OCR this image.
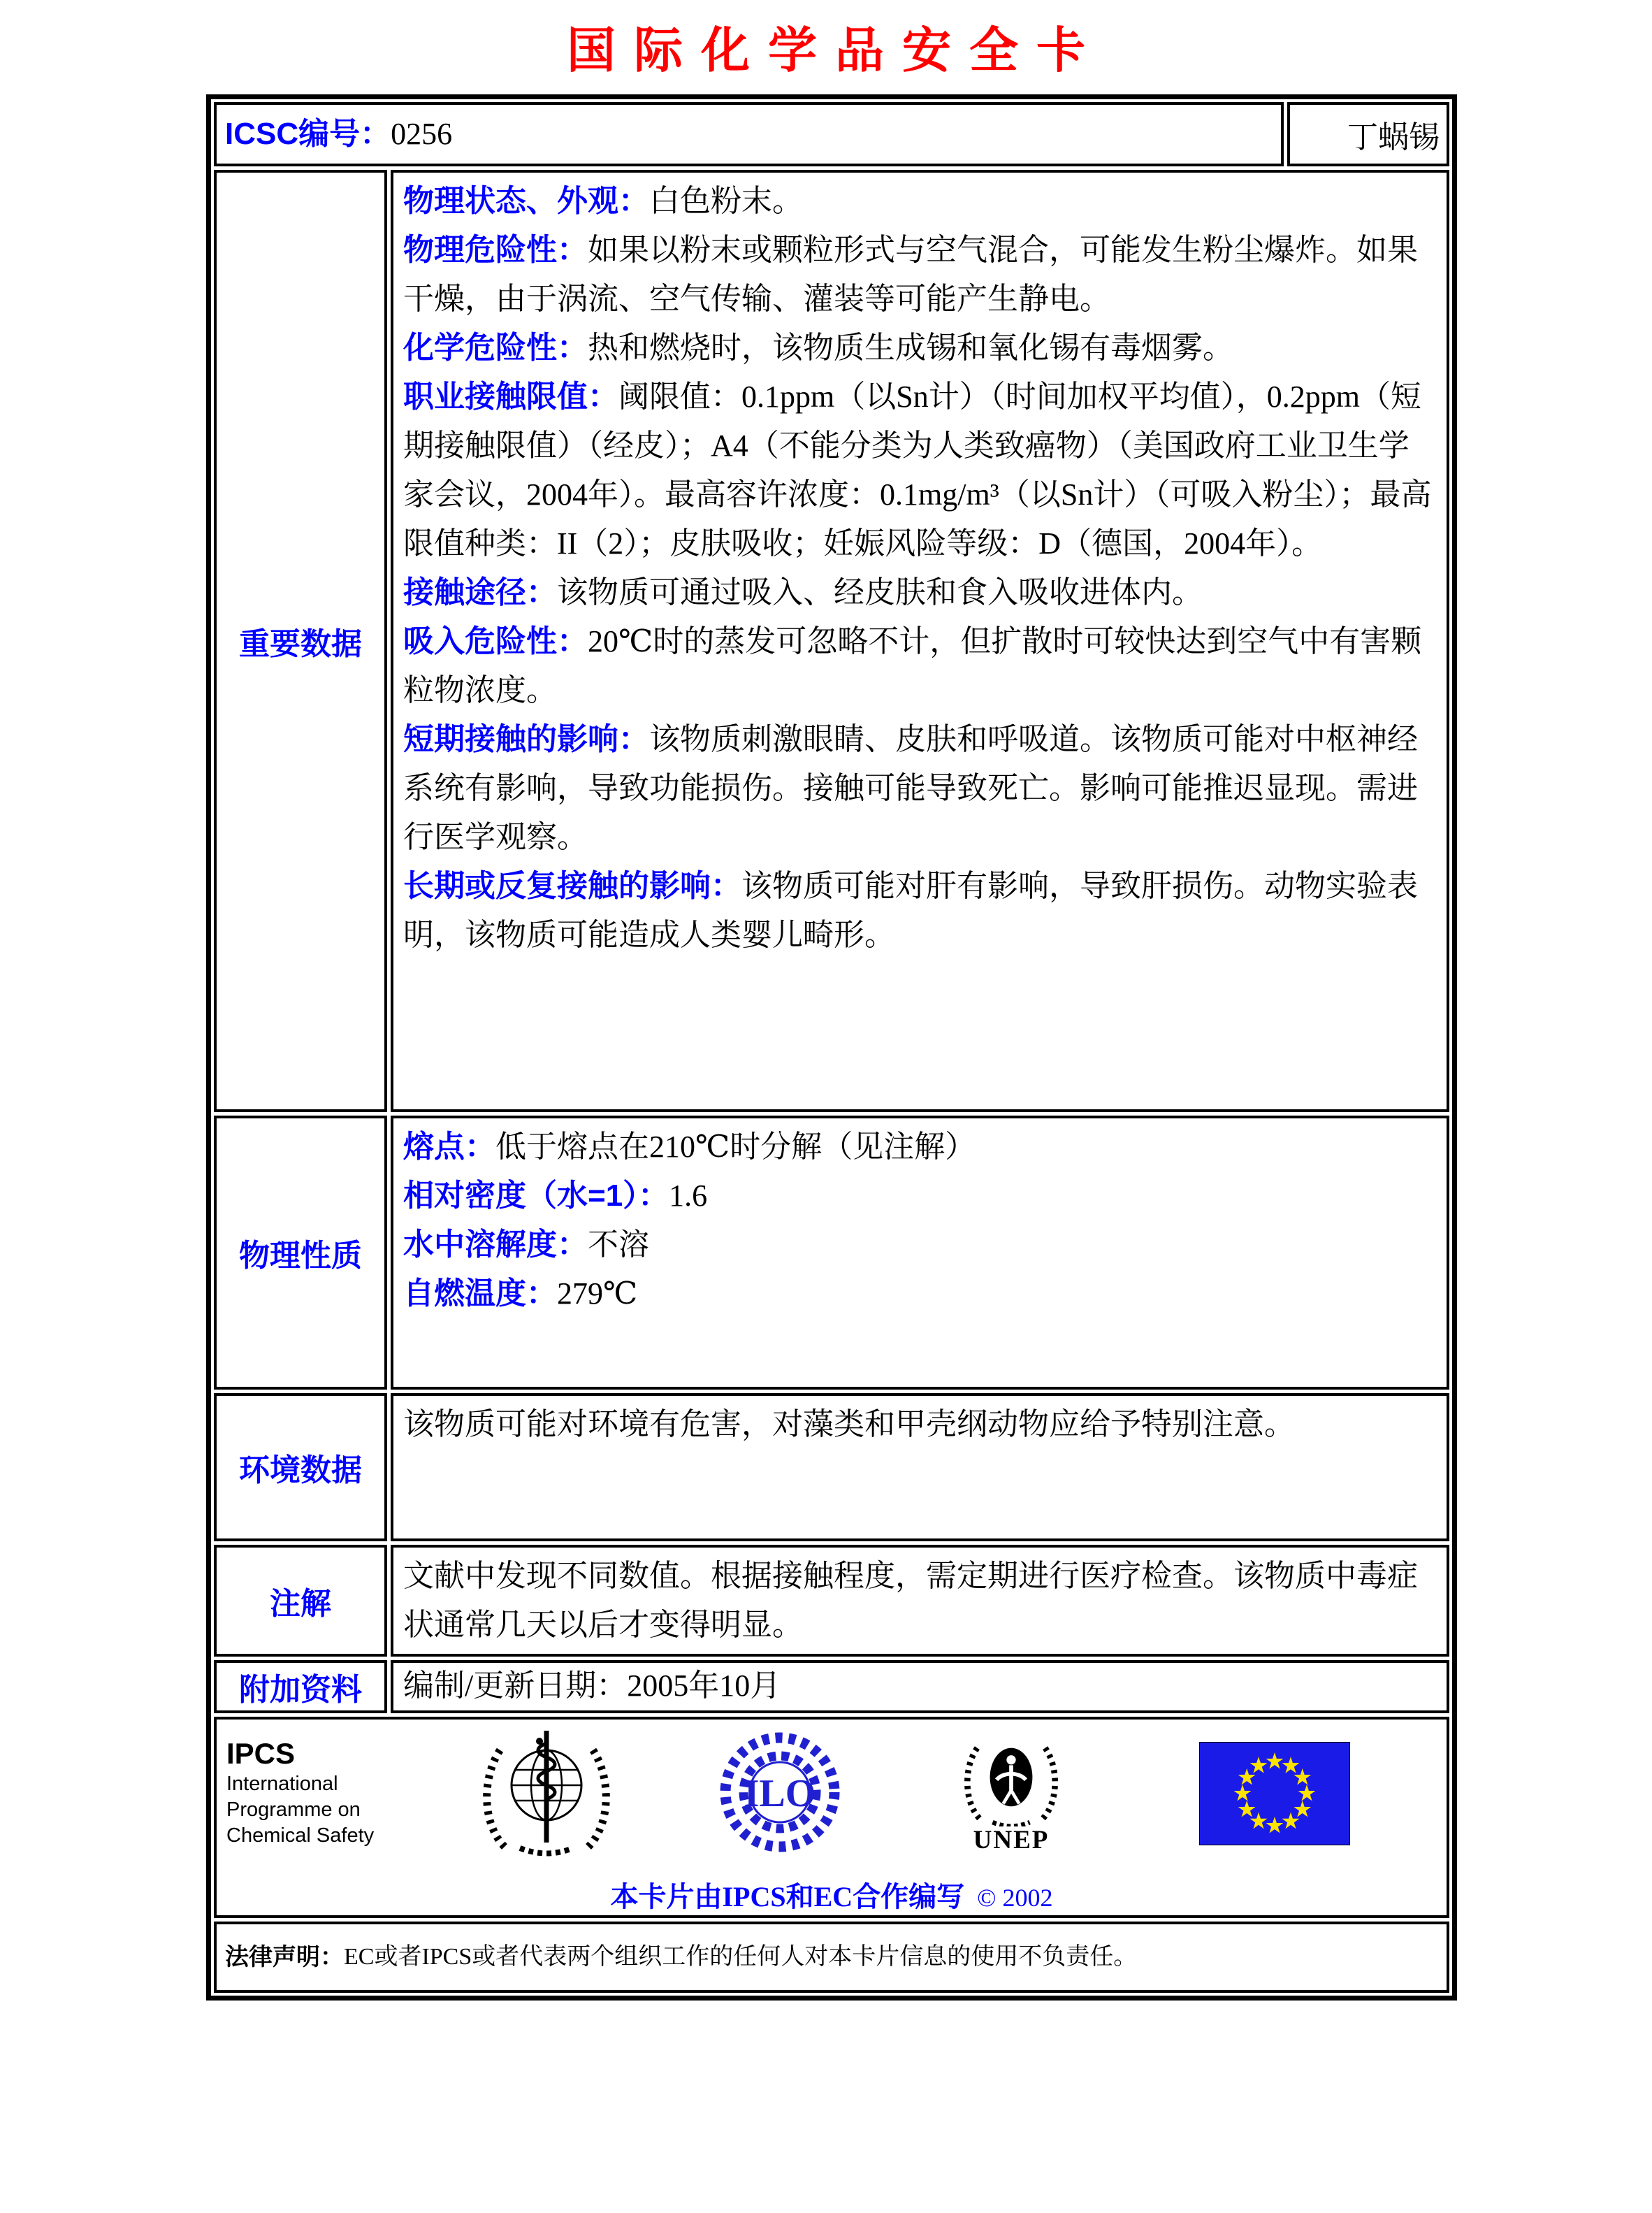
国际化学品安全卡
ICSC编号：0256	丁蜗锡
重要数据

物理状态、外观：白色粉末。

物理危险性：如果以粉末或颗粒形式与空气混合，可能发生粉尘爆炸。如果干燥，由于涡流、空气传输、灌装等可能产生静电。

化学危险性：热和燃烧时，该物质生成锡和氧化锡有毒烟雾。

职业接触限值：阈限值：0.1ppm（以Sn计）（时间加权平均值），0.2ppm（短期接触限值）（经皮）；A4（不能分类为人类致癌物）（美国政府工业卫生学家会议，2004年）。最高容许浓度：0.1mg/m³（以Sn计）（可吸入粉尘）；最高限值种类：II（2）；皮肤吸收；妊娠风险等级：D（德国，2004年）。

接触途径：该物质可通过吸入、经皮肤和食入吸收进体内。

吸入危险性：20℃时的蒸发可忽略不计，但扩散时可较快达到空气中有害颗粒物浓度。

短期接触的影响：该物质刺激眼睛、皮肤和呼吸道。该物质可能对中枢神经系统有影响，导致功能损伤。接触可能导致死亡。影响可能推迟显现。需进行医学观察。

长期或反复接触的影响：该物质可能对肝有影响，导致肝损伤。动物实验表明，该物质可能造成人类婴儿畸形。

物理性质

熔点：低于熔点在210℃时分解（见注解）

相对密度（水=1）：1.6

水中溶解度：不溶

自燃温度：279℃

环境数据

该物质可能对环境有危害，对藻类和甲壳纲动物应给予特别注意。

注解

文献中发现不同数值。根据接触程度，需定期进行医疗检查。该物质中毒症状通常几天以后才变得明显。

附加资料 编制/更新日期：2005年10月

IPCS
International Programme on Chemical Safety
ILO
UNEP
本卡片由IPCS和EC合作编写 © 2002
法律声明： EC或者IPCS或者代表两个组织工作的任何人对本卡片信息的使用不负责任。
